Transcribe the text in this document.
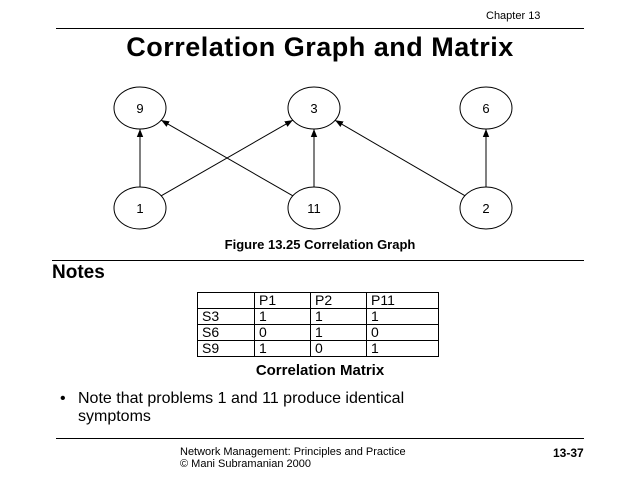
Chapter 13
Correlation Graph and Matrix
9	3	6
1	11	2
Figure 13.25 Correlation Graph
Notes
	P1	P2	P11
S3	1	1	1
S6	0	1	0
S9	1	0	1
Correlation Matrix
• Note that problems 1 and 11 produce identical
symptoms
Network Management: Principles and Practice
© Mani Subramanian 2000
13-37
